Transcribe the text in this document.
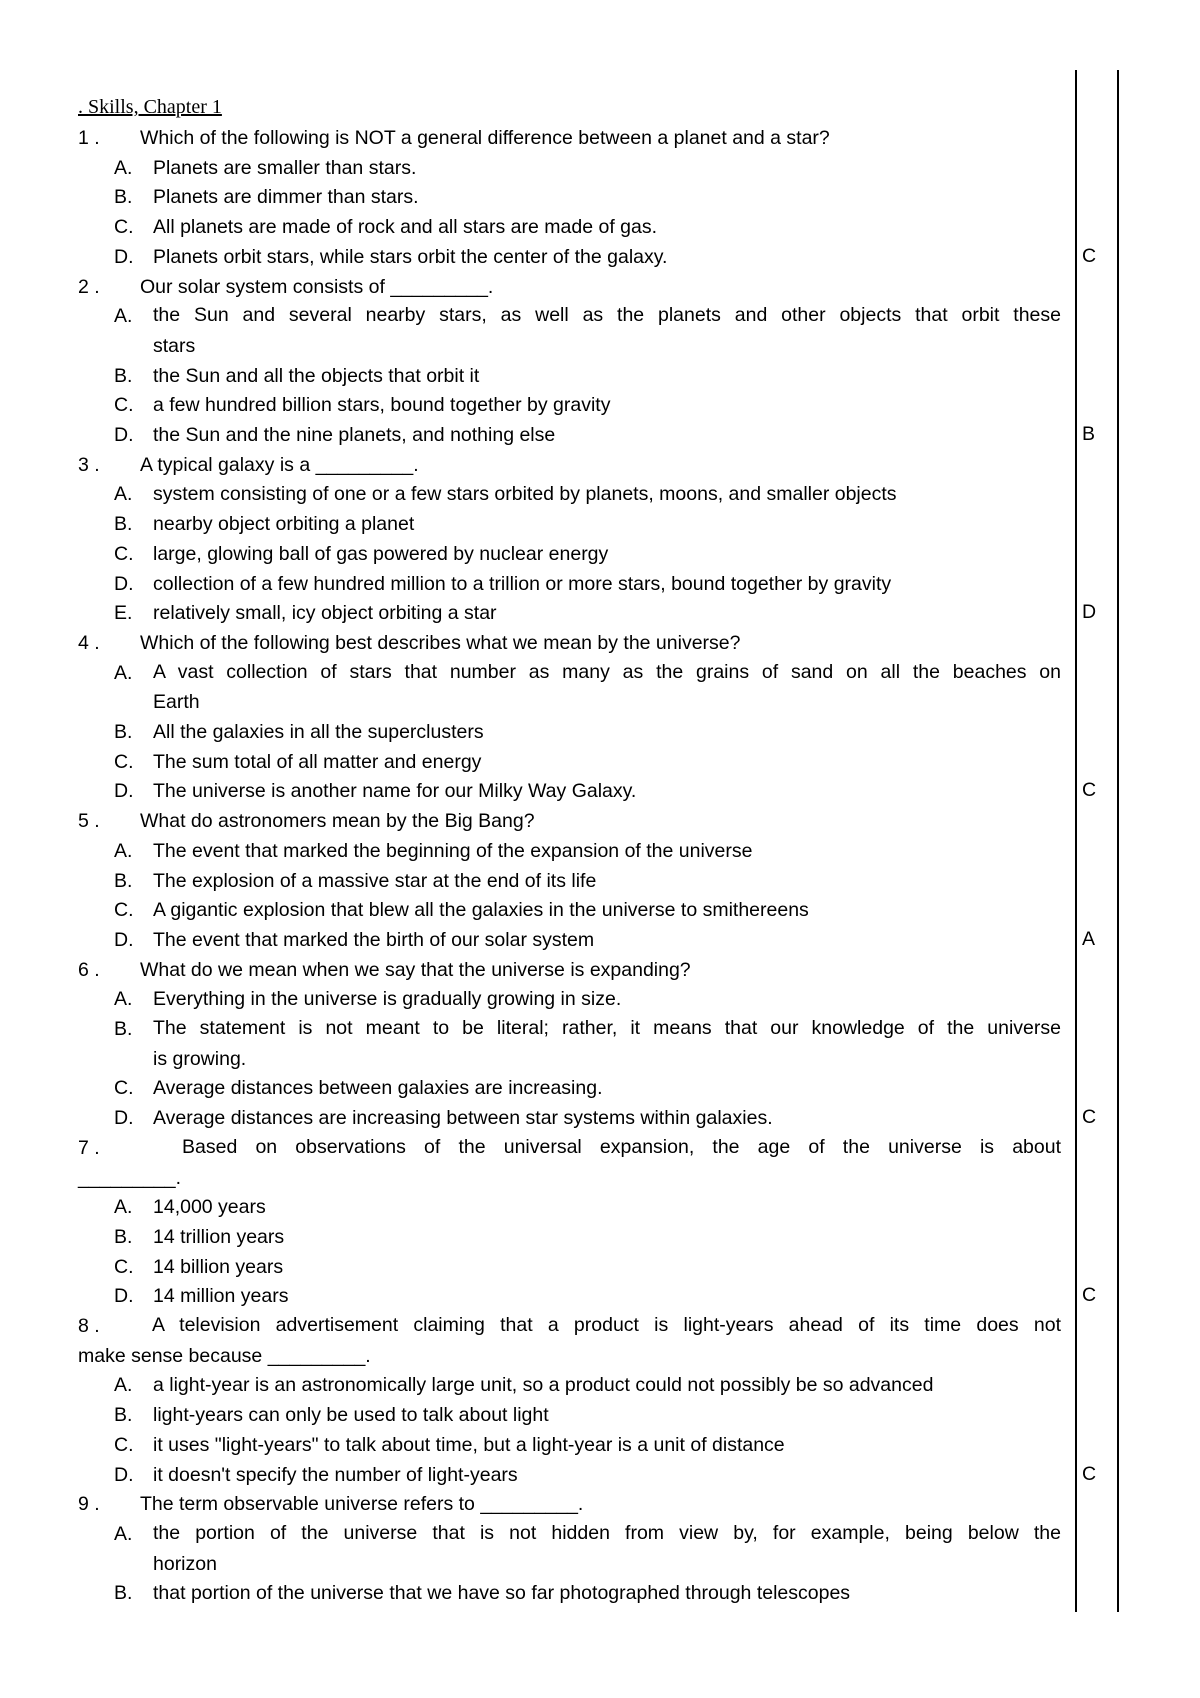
. Skills, Chapter 1
1 . Which of the following is NOT a general difference between a planet and a star?
A. Planets are smaller than stars.
B. Planets are dimmer than stars.
C. All planets are made of rock and all stars are made of gas.
D. Planets orbit stars, while stars orbit the center of the galaxy.	C
2 . Our solar system consists of _________.
A. the Sun and several nearby stars, as well as the planets and other objects that orbit these
stars
B. the Sun and all the objects that orbit it
C. a few hundred billion stars, bound together by gravity
D. the Sun and the nine planets, and nothing else	B
3 . A typical galaxy is a _________.
A. system consisting of one or a few stars orbited by planets, moons, and smaller objects
B. nearby object orbiting a planet
C. large, glowing ball of gas powered by nuclear energy
D. collection of a few hundred million to a trillion or more stars, bound together by gravity
E. relatively small, icy object orbiting a star	D
4 . Which of the following best describes what we mean by the universe?
A. A vast collection of stars that number as many as the grains of sand on all the beaches on
Earth
B. All the galaxies in all the superclusters
C. The sum total of all matter and energy
D. The universe is another name for our Milky Way Galaxy.	C
5 . What do astronomers mean by the Big Bang?
A. The event that marked the beginning of the expansion of the universe
B. The explosion of a massive star at the end of its life
C. A gigantic explosion that blew all the galaxies in the universe to smithereens
D. The event that marked the birth of our solar system	A
6 . What do we mean when we say that the universe is expanding?
A. Everything in the universe is gradually growing in size.
B. The statement is not meant to be literal; rather, it means that our knowledge of the universe
is growing.
C. Average distances between galaxies are increasing.
D. Average distances are increasing between star systems within galaxies.	C
7 .	Based on observations of the universal expansion, the age of the universe is about
_________.
A. 14,000 years
B. 14 trillion years
C. 14 billion years
D. 14 million years	C
8 .	A television advertisement claiming that a product is light-years ahead of its time does not
make sense because _________.
A. a light-year is an astronomically large unit, so a product could not possibly be so advanced
B. light-years can only be used to talk about light
C. it uses "light-years" to talk about time, but a light-year is a unit of distance
D. it doesn't specify the number of light-years	C
9 . The term observable universe refers to _________.
A. the portion of the universe that is not hidden from view by, for example, being below the
horizon
B. that portion of the universe that we have so far photographed through telescopes
